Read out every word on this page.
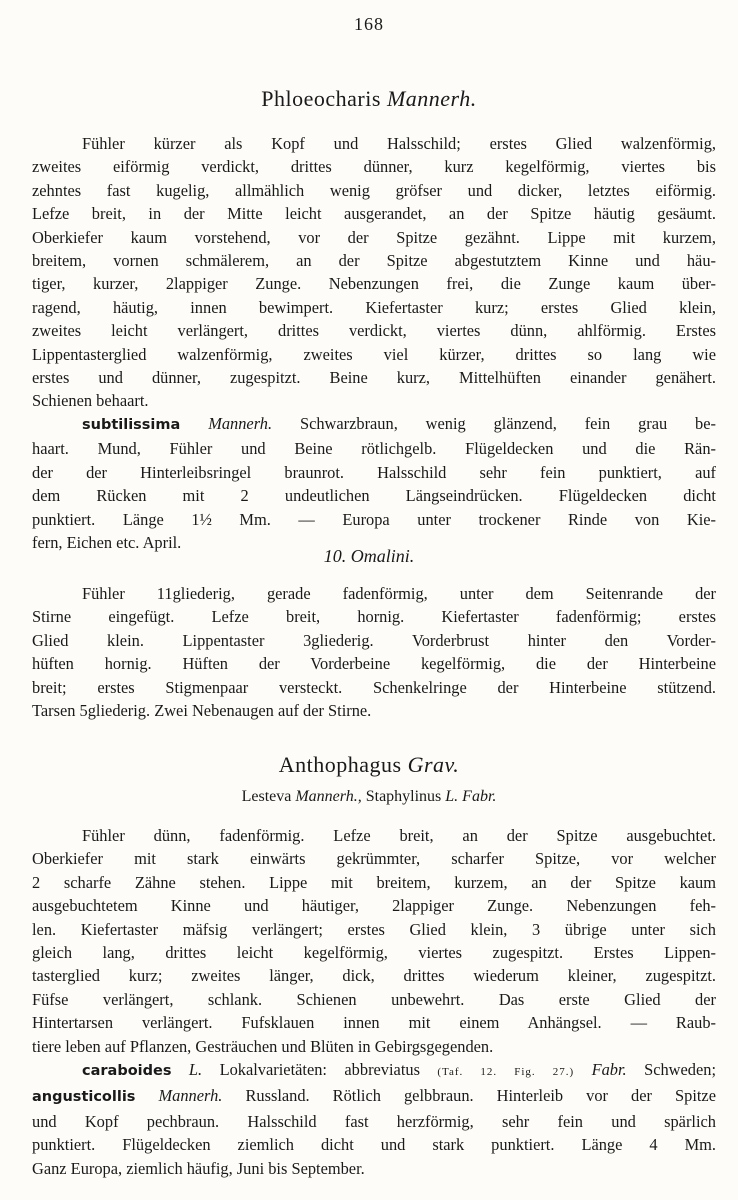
168
Phloeocharis Mannerh.
Fühler kürzer als Kopf und Halsschild; erstes Glied walzenförmig,
zweites eiförmig verdickt, drittes dünner, kurz kegelförmig, viertes bis
zehntes fast kugelig, allmählich wenig gröfser und dicker, letztes eiförmig.
Lefze breit, in der Mitte leicht ausgerandet, an der Spitze häutig gesäumt.
Oberkiefer kaum vorstehend, vor der Spitze gezähnt. Lippe mit kurzem,
breitem, vornen schmälerem, an der Spitze abgestutztem Kinne und häu-
tiger, kurzer, 2lappiger Zunge. Nebenzungen frei, die Zunge kaum über-
ragend, häutig, innen bewimpert. Kiefertaster kurz; erstes Glied klein,
zweites leicht verlängert, drittes verdickt, viertes dünn, ahlförmig. Erstes
Lippentasterglied walzenförmig, zweites viel kürzer, drittes so lang wie
erstes und dünner, zugespitzt. Beine kurz, Mittelhüften einander genähert.
Schienen behaart.
subtilissima Mannerh. Schwarzbraun, wenig glänzend, fein grau be-
haart. Mund, Fühler und Beine rötlichgelb. Flügeldecken und die Rän-
der der Hinterleibsringel braunrot. Halsschild sehr fein punktiert, auf
dem Rücken mit 2 undeutlichen Längseindrücken. Flügeldecken dicht
punktiert. Länge 1½ Mm. — Europa unter trockener Rinde von Kie-
fern, Eichen etc. April.
10. Omalini.
Fühler 11gliederig, gerade fadenförmig, unter dem Seitenrande der
Stirne eingefügt. Lefze breit, hornig. Kiefertaster fadenförmig; erstes
Glied klein. Lippentaster 3gliederig. Vorderbrust hinter den Vorder-
hüften hornig. Hüften der Vorderbeine kegelförmig, die der Hinterbeine
breit; erstes Stigmenpaar versteckt. Schenkelringe der Hinterbeine stützend.
Tarsen 5gliederig. Zwei Nebenaugen auf der Stirne.
Anthophagus Grav.
Lesteva Mannerh., Staphylinus L. Fabr.
Fühler dünn, fadenförmig. Lefze breit, an der Spitze ausgebuchtet.
Oberkiefer mit stark einwärts gekrümmter, scharfer Spitze, vor welcher
2 scharfe Zähne stehen. Lippe mit breitem, kurzem, an der Spitze kaum
ausgebuchtetem Kinne und häutiger, 2lappiger Zunge. Nebenzungen feh-
len. Kiefertaster mäfsig verlängert; erstes Glied klein, 3 übrige unter sich
gleich lang, drittes leicht kegelförmig, viertes zugespitzt. Erstes Lippen-
tasterglied kurz; zweites länger, dick, drittes wiederum kleiner, zugespitzt.
Füfse verlängert, schlank. Schienen unbewehrt. Das erste Glied der
Hintertarsen verlängert. Fufsklauen innen mit einem Anhängsel. — Raub-
tiere leben auf Pflanzen, Gesträuchen und Blüten in Gebirgsgegenden.
caraboides L. Lokalvarietäten: abbreviatus (Taf. 12. Fig. 27.) Fabr. Schweden;
angusticollis Mannerh. Russland. Rötlich gelbbraun. Hinterleib vor der Spitze
und Kopf pechbraun. Halsschild fast herzförmig, sehr fein und spärlich
punktiert. Flügeldecken ziemlich dicht und stark punktiert. Länge 4 Mm.
Ganz Europa, ziemlich häufig, Juni bis September.
